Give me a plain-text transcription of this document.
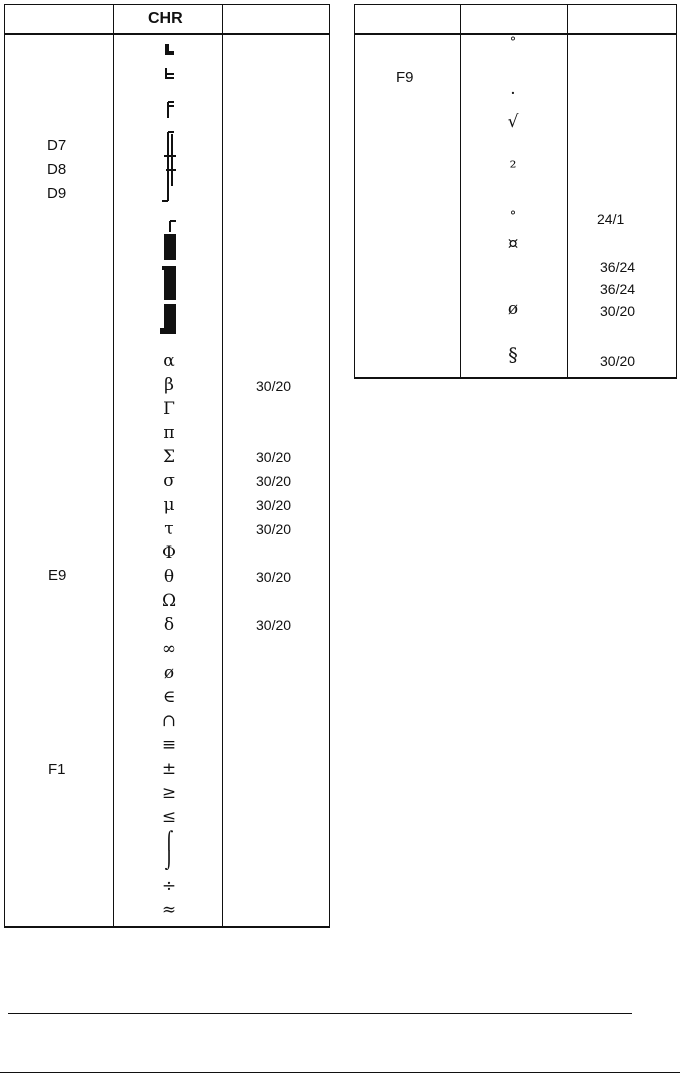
CHR
D7
D8
D9
E9
F1
α
β
Γ
π
Σ
σ
μ
τ
Φ
θ
Ω
δ
∞
ø
∈
∩
≡
±
≥
≤
⌠
⌡
÷
≈
30/20
30/20
30/20
30/20
30/20
30/20
30/20
F9
°
·
√
²
°
¤
ø
§
24/1
36/24
36/24
30/20
30/20
